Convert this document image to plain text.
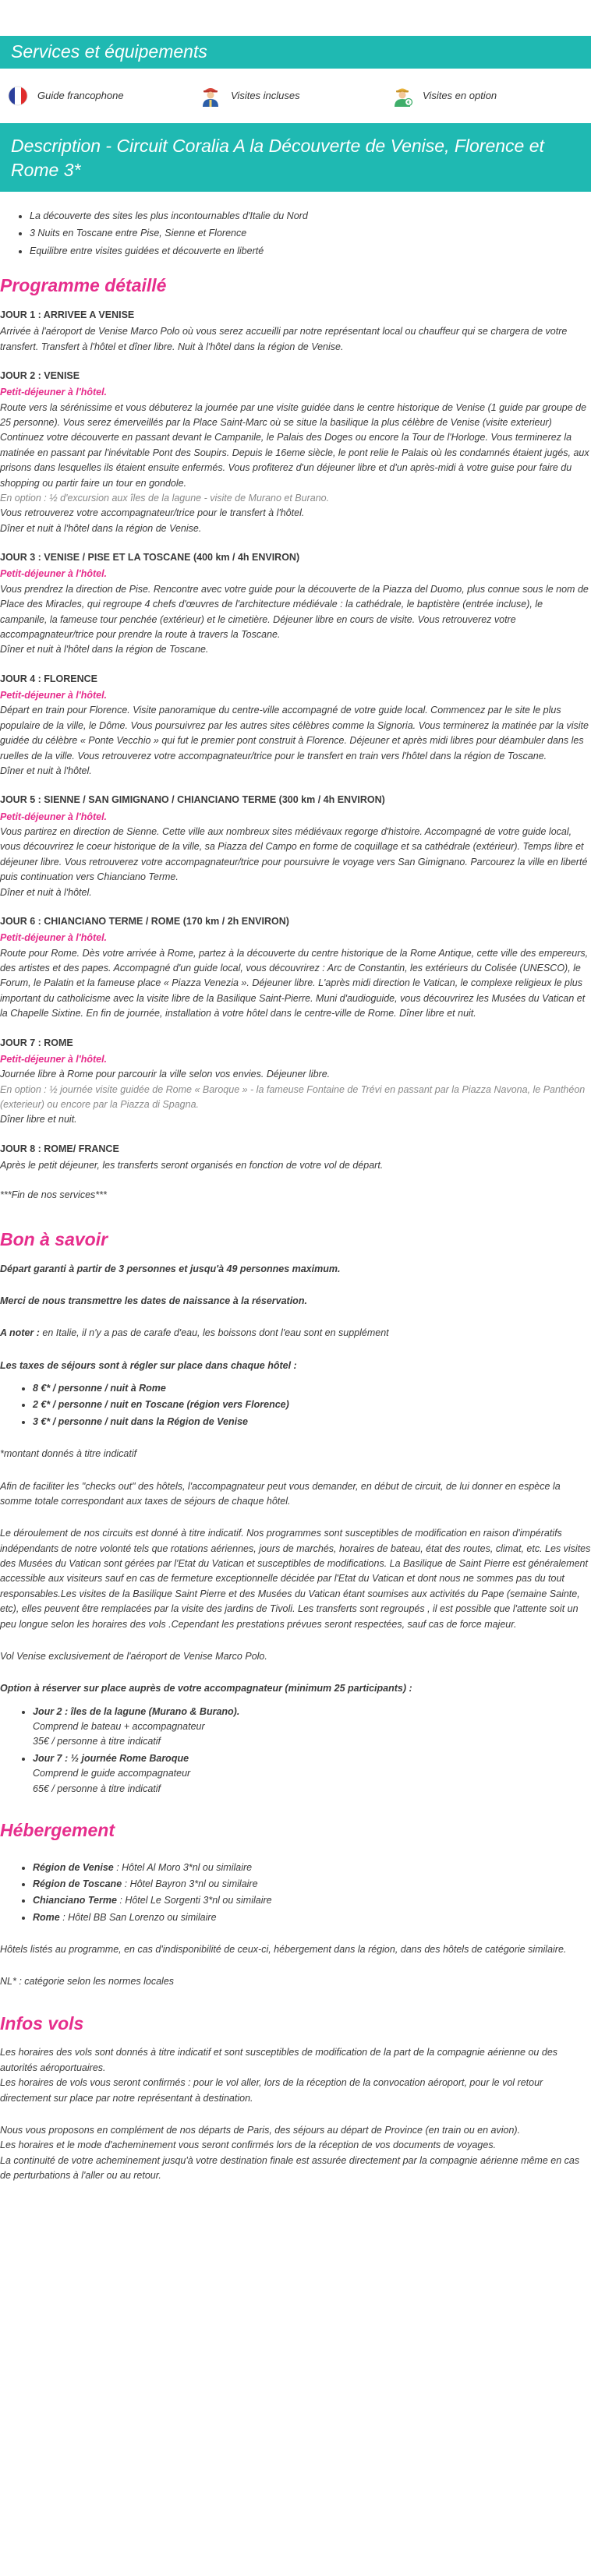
Services et équipements
Guide francophone	Visites incluses	Visites en option
Description - Circuit Coralia A la Découverte de Venise, Florence et Rome 3*
• La découverte des sites les plus incontournables d'Italie du Nord
• 3 Nuits en Toscane entre Pise, Sienne et Florence
• Equilibre entre visites guidées et découverte en liberté
Programme détaillé
JOUR 1 : ARRIVEE A VENISE

Arrivée à l'aéroport de Venise Marco Polo où vous serez accueilli par notre représentant local ou chauffeur qui se chargera de votre transfert. Transfert à l'hôtel et dîner libre. Nuit à l'hôtel dans la région de Venise.

JOUR 2 : VENISE
Petit-déjeuner à l'hôtel.

Route vers la sérénissime et vous débuterez la journée par une visite guidée dans le centre historique de Venise (1 guide par groupe de 25 personne). Vous serez émerveillés par la Place Saint-Marc où se situe la basilique la plus célèbre de Venise (visite exterieur) Continuez votre découverte en passant devant le Campanile, le Palais des Doges ou encore la Tour de l'Horloge. Vous terminerez la matinée en passant par l'inévitable Pont des Soupirs. Depuis le 16eme siècle, le pont relie le Palais où les condamnés étaient jugés, aux prisons dans lesquelles ils étaient ensuite enfermés. Vous profiterez d'un déjeuner libre et d'un après-midi à votre guise pour faire du shopping ou partir faire un tour en gondole.

En option : ½ d'excursion aux îles de la lagune - visite de Murano et Burano.

Vous retrouverez votre accompagnateur/trice pour le transfert à l'hôtel.

Dîner et nuit à l'hôtel dans la région de Venise.

JOUR 3 : VENISE / PISE ET LA TOSCANE (400 km / 4h ENVIRON)
Petit-déjeuner à l'hôtel.

Vous prendrez la direction de Pise. Rencontre avec votre guide pour la découverte de la Piazza del Duomo, plus connue sous le nom de Place des Miracles, qui regroupe 4 chefs d'œuvres de l'architecture médiévale : la cathédrale, le baptistère (entrée incluse), le campanile, la fameuse tour penchée (extérieur) et le cimetière. Déjeuner libre en cours de visite. Vous retrouverez votre accompagnateur/trice pour prendre la route à travers la Toscane.

Dîner et nuit à l'hôtel dans la région de Toscane.

JOUR 4 : FLORENCE
Petit-déjeuner à l'hôtel.

Départ en train pour Florence. Visite panoramique du centre-ville accompagné de votre guide local. Commencez par le site le plus populaire de la ville, le Dôme. Vous poursuivrez par les autres sites célèbres comme la Signoria. Vous terminerez la matinée par la visite guidée du célèbre « Ponte Vecchio » qui fut le premier pont construit à Florence. Déjeuner et après midi libres pour déambuler dans les ruelles de la ville. Vous retrouverez votre accompagnateur/trice pour le transfert en train vers l'hôtel dans la région de Toscane.

Dîner et nuit à l'hôtel.

JOUR 5 : SIENNE / SAN GIMIGNANO / CHIANCIANO TERME (300 km / 4h ENVIRON)
Petit-déjeuner à l'hôtel.

Vous partirez en direction de Sienne. Cette ville aux nombreux sites médiévaux regorge d'histoire. Accompagné de votre guide local, vous découvrirez le coeur historique de la ville, sa Piazza del Campo en forme de coquillage et sa cathédrale (extérieur). Temps libre et déjeuner libre. Vous retrouverez votre accompagnateur/trice pour poursuivre le voyage vers San Gimignano. Parcourez la ville en liberté puis continuation vers Chianciano Terme.

Dîner et nuit à l'hôtel.

JOUR 6 : CHIANCIANO TERME / ROME (170 km / 2h ENVIRON)
Petit-déjeuner à l'hôtel.

Route pour Rome. Dès votre arrivée à Rome, partez à la découverte du centre historique de la Rome Antique, cette ville des empereurs, des artistes et des papes. Accompagné d'un guide local, vous découvrirez : Arc de Constantin, les extérieurs du Colisée (UNESCO), le Forum, le Palatin et la fameuse place « Piazza Venezia ». Déjeuner libre. L'après midi direction le Vatican, le complexe religieux le plus important du catholicisme avec la visite libre de la Basilique Saint-Pierre. Muni d'audioguide, vous découvrirez les Musées du Vatican et la Chapelle Sixtine. En fin de journée, installation à votre hôtel dans le centre-ville de Rome. Dîner libre et nuit.

JOUR 7 : ROME
Petit-déjeuner à l'hôtel.

Journée libre à Rome pour parcourir la ville selon vos envies. Déjeuner libre.

En option : ½ journée visite guidée de Rome « Baroque » - la fameuse Fontaine de Trévi en passant par la Piazza Navona, le Panthéon (exterieur) ou encore par la Piazza di Spagna.

Dîner libre et nuit.

JOUR 8 : ROME/ FRANCE

Après le petit déjeuner, les transferts seront organisés en fonction de votre vol de départ.

***Fin de nos services***

Bon à savoir

Départ garanti à partir de 3 personnes et jusqu'à 49 personnes maximum.

Merci de nous transmettre les dates de naissance à la réservation.

A noter : en Italie, il n'y a pas de carafe d'eau, les boissons dont l'eau sont en supplément

Les taxes de séjours sont à régler sur place dans chaque hôtel :

• 8 €* / personne / nuit à Rome
• 2 €* / personne / nuit en Toscane (région vers Florence)
• 3 €* / personne / nuit dans la Région de Venise

*montant donnés à titre indicatif

Afin de faciliter les "checks out" des hôtels, l'accompagnateur peut vous demander, en début de circuit, de lui donner en espèce la somme totale correspondant aux taxes de séjours de chaque hôtel.

Le déroulement de nos circuits est donné à titre indicatif. Nos programmes sont susceptibles de modification en raison d'impératifs indépendants de notre volonté tels que rotations aériennes, jours de marchés, horaires de bateau, état des routes, climat, etc. Les visites des Musées du Vatican sont gérées par l'Etat du Vatican et susceptibles de modifications. La Basilique de Saint Pierre est généralement accessible aux visiteurs sauf en cas de fermeture exceptionnelle décidée par l'Etat du Vatican et dont nous ne sommes pas du tout responsables.Les visites de la Basilique Saint Pierre et des Musées du Vatican étant soumises aux activités du Pape (semaine Sainte, etc), elles peuvent être remplacées par la visite des jardins de Tivoli. Les transferts sont regroupés , il est possible que l'attente soit un peu longue selon les horaires des vols .Cependant les prestations prévues seront respectées, sauf cas de force majeur.

Vol Venise exclusivement de l'aéroport de Venise Marco Polo.

Option à réserver sur place auprès de votre accompagnateur (minimum 25 participants) :

• Jour 2 : îles de la lagune (Murano & Burano).
Comprend le bateau + accompagnateur
35€ / personne à titre indicatif
• Jour 7 : ½ journée Rome Baroque
Comprend le guide accompagnateur
65€ / personne à titre indicatif
Hébergement
• Région de Venise : Hôtel Al Moro 3*nl ou similaire
• Région de Toscane : Hôtel Bayron 3*nl ou similaire
• Chianciano Terme : Hôtel Le Sorgenti 3*nl ou similaire
• Rome : Hôtel BB San Lorenzo ou similaire

Hôtels listés au programme, en cas d'indisponibilité de ceux-ci, hébergement dans la région, dans des hôtels de catégorie similaire.

NL* : catégorie selon les normes locales

Infos vols

Les horaires des vols sont donnés à titre indicatif et sont susceptibles de modification de la part de la compagnie aérienne ou des autorités aéroportuaires.

Les horaires de vols vous seront confirmés : pour le vol aller, lors de la réception de la convocation aéroport, pour le vol retour directement sur place par notre représentant à destination.

Nous vous proposons en complément de nos départs de Paris, des séjours au départ de Province (en train ou en avion).

Les horaires et le mode d'acheminement vous seront confirmés lors de la réception de vos documents de voyages.

La continuité de votre acheminement jusqu'à votre destination finale est assurée directement par la compagnie aérienne même en cas de perturbations à l'aller ou au retour.
